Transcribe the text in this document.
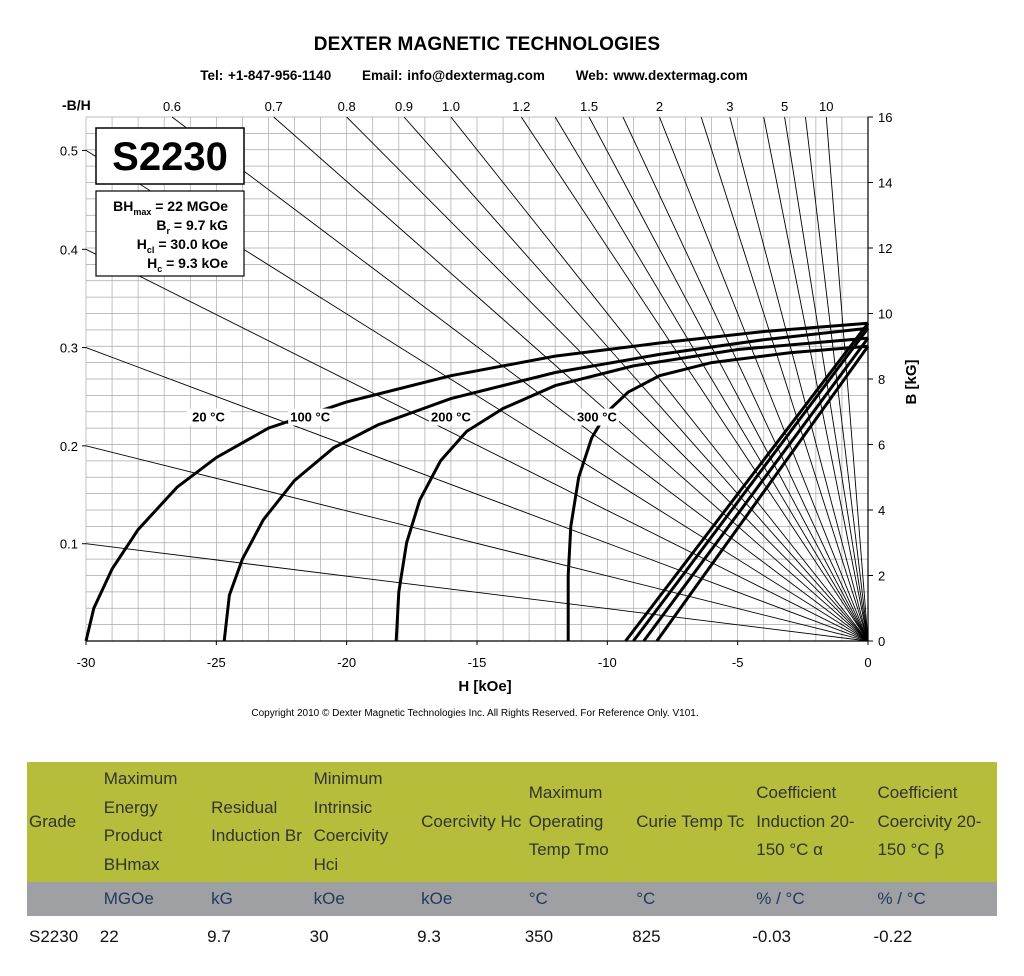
DEXTER MAGNETIC TECHNOLOGIES
Tel: +1-847-956-1140 Email: info@dextermag.com Web: www.dextermag.com
0.6	0.7	0.8	0.9 1.0	1.2	1.5	2	3	5 10
0.1
0.2
0.3
0.4
0.5
-B/H
20 °C	100 °C	200 °C	300 °C
-30	-25	-20	-15	-10	-5	0
H [kOe]
0
2
4
6
8
10
12
14
16
B [kG]
S2230
$BH_{max} = 22$ MGOe
$B_r = 9.7$ kG
$H_{cl} = 30.0$ kOe
$H_c = 9.3$ kOe
Copyright 2010 © Dexter Magnetic Technologies Inc. All Rights Reserved. For Reference Only. V101.
Grade	Maximum Energy Product BHmax	Residual Induction Br	Minimum Intrinsic Coercivity Hci	Coercivity Hc	Maximum Operating Temp Tmo	Curie Temp Tc	Coefficient Induction 20-150 °C α	Coefficient Coercivity 20-150 °C β
	MGOe	kG	kOe	kOe	°C	°C	% / °C	% / °C
S2230	22	9.7	30	9.3	350	825	-0.03	-0.22
